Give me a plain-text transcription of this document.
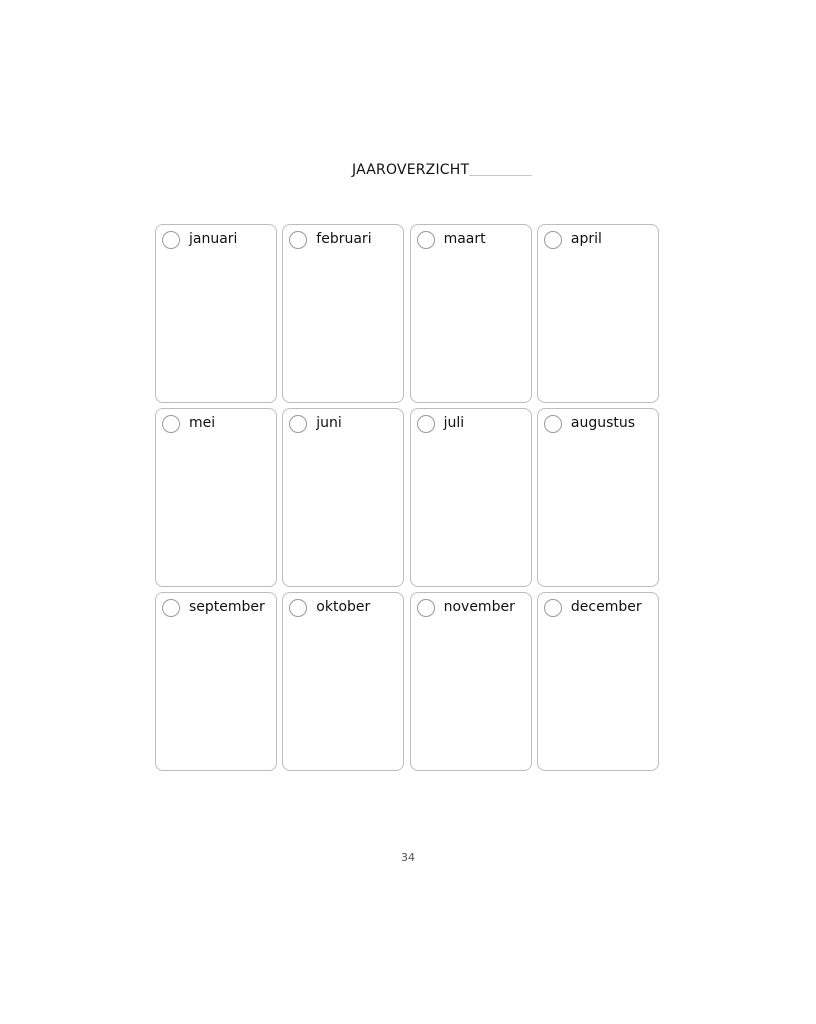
JAAROVERZICHT
januari	februari	maart	april
mei	juni	juli	augustus
september	oktober	november	december
34
